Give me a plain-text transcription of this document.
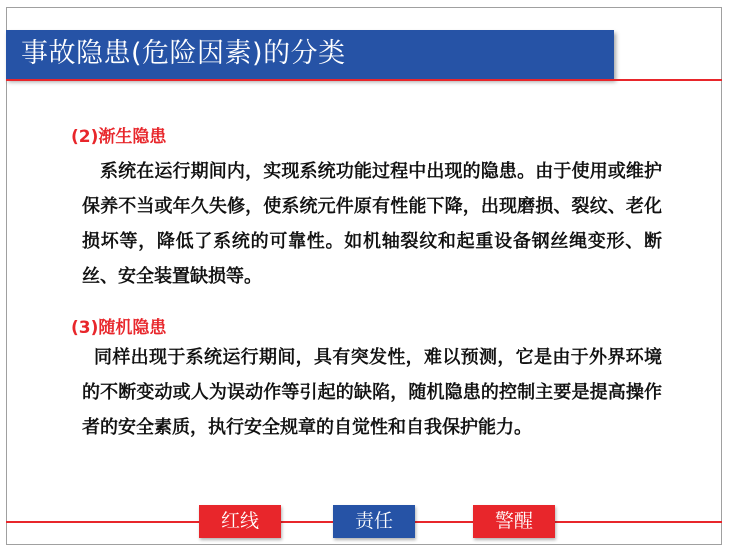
事故隐患(危险因素)的分类
(2)渐生隐患
系统在运行期间内，实现系统功能过程中出现的隐患。由于使用或维护保养不当或年久失修，使系统元件原有性能下降，出现磨损、裂纹、老化损坏等，降低了系统的可靠性。如机轴裂纹和起重设备钢丝绳变形、断丝、安全装置缺损等。
(3)随机隐患
同样出现于系统运行期间，具有突发性，难以预测，它是由于外界环境的不断变动或人为误动作等引起的缺陷，随机隐患的控制主要是提高操作者的安全素质，执行安全规章的自觉性和自我保护能力。
红线	责任	警醒
